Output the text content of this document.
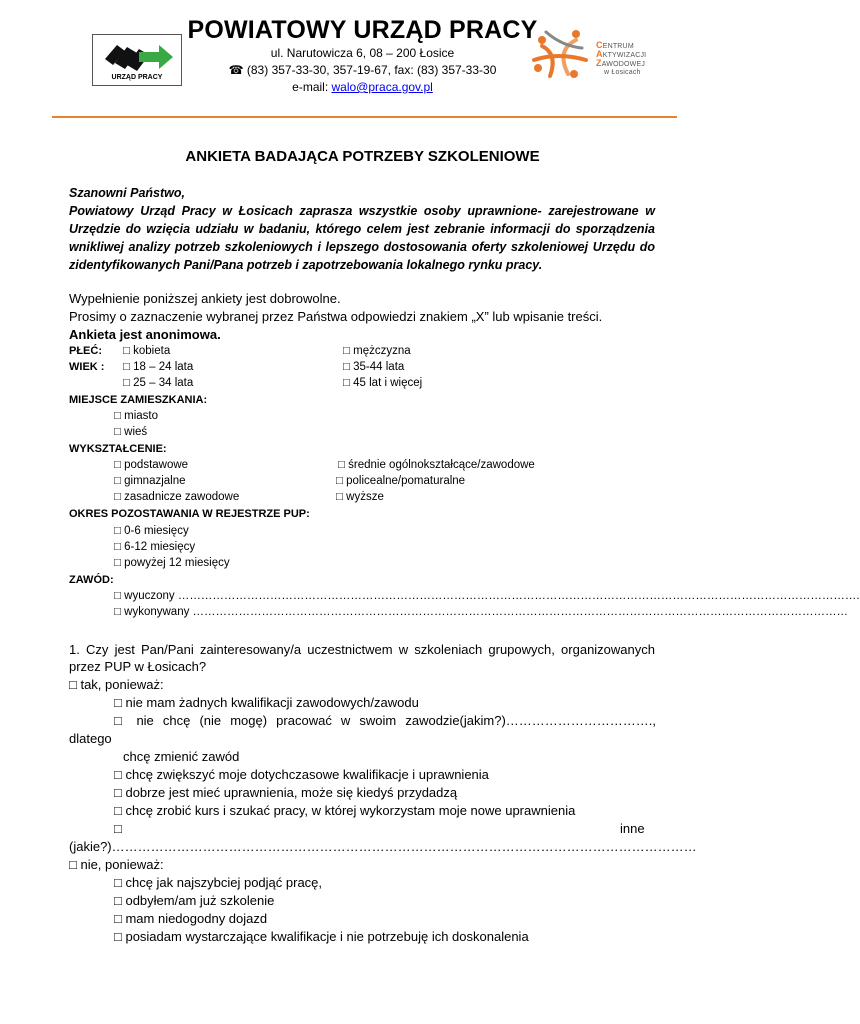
URZĄD PRACY
POWIATOWY URZĄD PRACY
ul. Narutowicza 6, 08 – 200 Łosice
☎ (83) 357-33-30, 357-19-67, fax: (83) 357-33-30
e-mail: walo@praca.gov.pl
CENTRUM
AKTYWIZACJI
ZAWODOWEJ
w Łosicach
ANKIETA BADAJĄCA POTRZEBY SZKOLENIOWE
Szanowni Państwo,
Powiatowy Urząd Pracy w Łosicach zaprasza wszystkie osoby uprawnione- zarejestrowane w
Urzędzie do wzięcia udziału w badaniu, którego celem jest zebranie informacji do sporządzenia wnikliwej analizy potrzeb szkoleniowych i lepszego dostosowania oferty szkoleniowej Urzędu do zidentyfikowanych Pani/Pana potrzeb i zapotrzebowania lokalnego rynku pracy.
Wypełnienie poniższej ankiety jest dobrowolne.
Prosimy o zaznaczenie wybranej przez Państwa odpowiedzi znakiem „X” lub wpisanie treści.
Ankieta jest anonimowa.
PŁEĆ: □ kobieta	□ mężczyzna
WIEK : □ 18 – 24 lata	□ 35-44 lata
□ 25 – 34 lata	□ 45 lat i więcej
MIEJSCE ZAMIESZKANIA:
□ miasto
□ wieś
WYKSZTAŁCENIE:
□ podstawowe	□ średnie ogólnokształcące/zawodowe
□ gimnazjalne	□ policealne/pomaturalne
□ zasadnicze zawodowe	□ wyższe
OKRES POZOSTAWANIA W REJESTRZE PUP:
□ 0-6 miesięcy
□ 6-12 miesięcy
□ powyżej 12 miesięcy
ZAWÓD:
□ wyuczony …………………………………………………………………………………………………………………………………………………………….
□ wykonywany ………………………………………………………………………………………………………………………………………………………
1. Czy jest Pan/Pani zainteresowany/a uczestnictwem w szkoleniach grupowych, organizowanych
przez PUP w Łosicach?
□ tak, ponieważ:
□ nie mam żadnych kwalifikacji zawodowych/zawodu
□ nie chcę (nie mogę) pracować w swoim zawodzie(jakim?)…………………………….,
dlatego
chcę zmienić zawód
□ chcę zwiększyć moje dotychczasowe kwalifikacje i uprawnienia
□ dobrze jest mieć uprawnienia, może się kiedyś przydadzą
□ chcę zrobić kurs i szukać pracy, w której wykorzystam moje nowe uprawnienia
□	inne
(jakie?)………………………………………………………………………………………………………………………
□ nie, ponieważ:
□ chcę jak najszybciej podjąć pracę,
□ odbyłem/am już szkolenie
□ mam niedogodny dojazd
□ posiadam wystarczające kwalifikacje i nie potrzebuję ich doskonalenia
